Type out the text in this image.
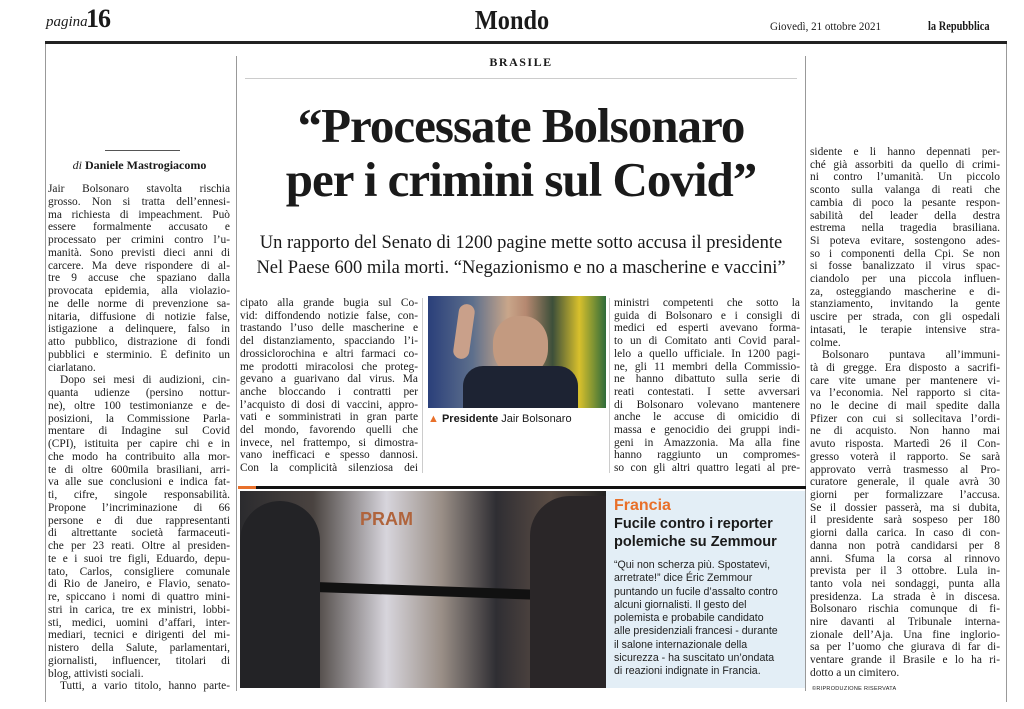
pagina
16	Mondo	Giovedì, 21 ottobre 2021	la Repubblica
BRASILE
“Processate Bolsonaro
per i crimini sul Covid”
Un rapporto del Senato di 1200 pagine mette sotto accusa il presidente
Nel Paese 600 mila morti. “Negazionismo e no a mascherine e vaccini”
di Daniele Mastrogiacomo
Jair Bolsonaro stavolta rischia
grosso. Non si tratta dell’ennesi-
ma richiesta di impeachment. Può
essere formalmente accusato e
processato per crimini contro l’u-
manità. Sono previsti dieci anni di
carcere. Ma deve rispondere di al-
tre 9 accuse che spaziano dalla
provocata epidemia, alla violazio-
ne delle norme di prevenzione sa-
nitaria, diffusione di notizie false,
istigazione a delinquere, falso in
atto pubblico, distrazione di fondi
pubblici e sterminio. È definito un
ciarlatano.
Dopo sei mesi di audizioni, cin-
quanta udienze (persino nottur-
ne), oltre 100 testimonianze e de-
posizioni, la Commissione Parla-
mentare di Indagine sul Covid
(CPI), istituita per capire chi e in
che modo ha contribuito alla mor-
te di oltre 600mila brasiliani, arri-
va alle sue conclusioni e indica fat-
ti, cifre, singole responsabilità.
Propone l’incriminazione di 66
persone e di due rappresentanti
di altrettante società farmaceuti-
che per 23 reati. Oltre al presiden-
te e i suoi tre figli, Eduardo, depu-
tato, Carlos, consigliere comunale
di Rio de Janeiro, e Flavio, senato-
re, spiccano i nomi di quattro mini-
stri in carica, tre ex ministri, lobbi-
sti, medici, uomini d’affari, inter-
mediari, tecnici e dirigenti del mi-
nistero della Salute, parlamentari,
giornalisti, influencer, titolari di
blog, attivisti sociali.
Tutti, a vario titolo, hanno parte-
cipato alla grande bugia sul Co-
vid: diffondendo notizie false, con-
trastando l’uso delle mascherine e
del distanziamento, spacciando l’i-
drossiclorochina e altri farmaci co-
me prodotti miracolosi che proteg-
gevano a guarivano dal virus. Ma
anche bloccando i contratti per
l’acquisto di dosi di vaccini, appro-
vati e somministrati in gran parte
del mondo, favorendo quelli che
invece, nel frattempo, si dimostra-
vano inefficaci e spesso dannosi.
Con la complicità silenziosa dei
ministri competenti che sotto la
guida di Bolsonaro e i consigli di
medici ed esperti avevano forma-
to un di Comitato anti Covid paral-
lelo a quello ufficiale. In 1200 pagi-
ne, gli 11 membri della Commissio-
ne hanno dibattuto sulla serie di
reati contestati. I sette avversari
di Bolsonaro volevano mantenere
anche le accuse di omicidio di
massa e genocidio dei gruppi indi-
geni in Amazzonia. Ma alla fine
hanno raggiunto un compromes-
so con gli altri quattro legati al pre-
sidente e li hanno depennati per-
ché già assorbiti da quello di crimi-
ni contro l’umanità. Un piccolo
sconto sulla valanga di reati che
cambia di poco la pesante respon-
sabilità del leader della destra
estrema nella tragedia brasiliana.
Si poteva evitare, sostengono ades-
so i componenti della Cpi. Se non
si fosse banalizzato il virus spac-
ciandolo per una piccola influen-
za, osteggiando mascherine e di-
stanziamento, invitando la gente
uscire per strada, con gli ospedali
intasati, le terapie intensive stra-
colme.
Bolsonaro puntava all’immuni-
tà di gregge. Era disposto a sacrifi-
care vite umane per mantenere vi-
va l’economia. Nel rapporto si cita-
no le decine di mail spedite dalla
Pfizer con cui si sollecitava l’ordi-
ne di acquisto. Non hanno mai
avuto risposta. Martedì 26 il Con-
gresso voterà il rapporto. Se sarà
approvato verrà trasmesso al Pro-
curatore generale, il quale avrà 30
giorni per formalizzare l’accusa.
Se il dossier passerà, ma si dubita,
il presidente sarà sospeso per 180
giorni dalla carica. In caso di con-
danna non potrà candidarsi per 8
anni. Sfuma la corsa al rinnovo
prevista per il 3 ottobre. Lula in-
tanto vola nei sondaggi, punta alla
presidenza. La strada è in discesa.
Bolsonaro rischia comunque di fi-
nire davanti al Tribunale interna-
zionale dell’Aja. Una fine inglorio-
sa per l’uomo che giurava di far di-
ventare grande il Brasile e lo ha ri-
dotto a un cimitero.
▲ Presidente Jair Bolsonaro
PRAM
Francia
Fucile contro i reporter
polemiche su Zemmour
“Qui non scherza più. Spostatevi,
arretrate!” dice Éric Zemmour
puntando un fucile d’assalto contro
alcuni giornalisti. Il gesto del
polemista e probabile candidato
alle presidenziali francesi - durante
il salone internazionale della
sicurezza - ha suscitato un’ondata
di reazioni indignate in Francia.
©RIPRODUZIONE RISERVATA
